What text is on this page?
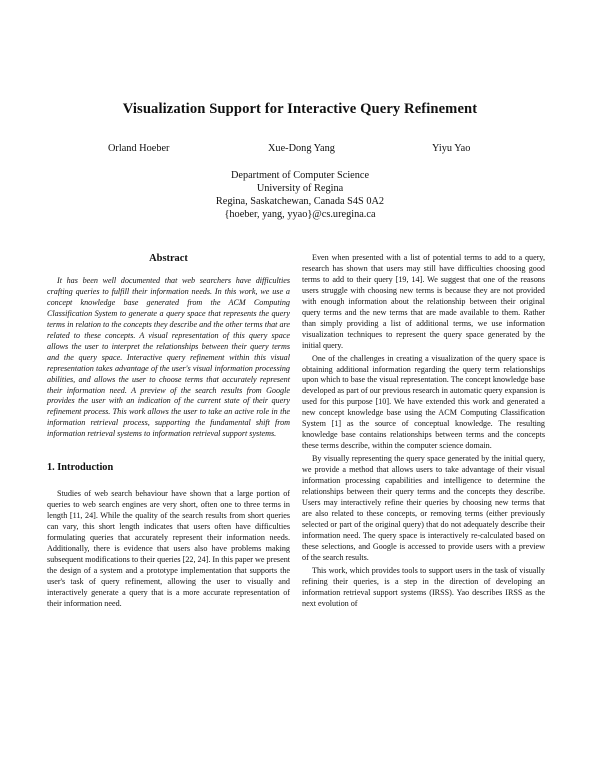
Visualization Support for Interactive Query Refinement
Orland Hoeber	Xue-Dong Yang	Yiyu Yao
Department of Computer Science
University of Regina
Regina, Saskatchewan, Canada S4S 0A2
{hoeber, yang, yyao}@cs.uregina.ca
Abstract

It has been well documented that web searchers have difficulties crafting queries to fulfill their information needs. In this work, we use a concept knowledge base generated from the ACM Computing Classification System to generate a query space that represents the query terms in relation to the concepts they describe and the other terms that are related to these concepts. A visual representation of this query space allows the user to interpret the relationships between their query terms and the query space. Interactive query refinement within this visual representation takes advantage of the user's visual information processing abilities, and allows the user to choose terms that accurately represent their information need. A preview of the search results from Google provides the user with an indication of the current state of their query refinement process. This work allows the user to take an active role in the information retrieval process, supporting the fundamental shift from information retrieval systems to information retrieval support systems.

1. Introduction

Studies of web search behaviour have shown that a large portion of queries to web search engines are very short, often one to three terms in length [11, 24]. While the quality of the search results from short queries can vary, this short length indicates that users often have difficulties formulating queries that accurately represent their information needs. Additionally, there is evidence that users also have problems making subsequent modifications to their queries [22, 24]. In this paper we present the design of a system and a prototype implementation that supports the user's task of query refinement, allowing the user to visually and interactively generate a query that is a more accurate representation of their information need.

Even when presented with a list of potential terms to add to a query, research has shown that users may still have difficulties choosing good terms to add to their query [19, 14]. We suggest that one of the reasons users struggle with choosing new terms is because they are not provided with enough information about the relationship between their original query terms and the new terms that are made available to them. Rather than simply providing a list of additional terms, we use information visualization techniques to represent the query space generated by the initial query.

One of the challenges in creating a visualization of the query space is obtaining additional information regarding the query term relationships upon which to base the visual representation. The concept knowledge base developed as part of our previous research in automatic query expansion is used for this purpose [10]. We have extended this work and generated a new concept knowledge base using the ACM Computing Classification System [1] as the source of conceptual knowledge. The resulting knowledge base contains relationships between terms and the concepts these terms describe, within the computer science domain.

By visually representing the query space generated by the initial query, we provide a method that allows users to take advantage of their visual information processing capabilities and intelligence to determine the relationships between their query terms and the concepts they describe. Users may interactively refine their queries by choosing new terms that are also related to these concepts, or removing terms (either previously selected or part of the original query) that do not adequately describe their information need. The query space is interactively re-calculated based on these selections, and Google is accessed to provide users with a preview of the search results.

This work, which provides tools to support users in the task of visually refining their queries, is a step in the direction of developing an information retrieval support systems (IRSS). Yao describes IRSS as the next evolution of
